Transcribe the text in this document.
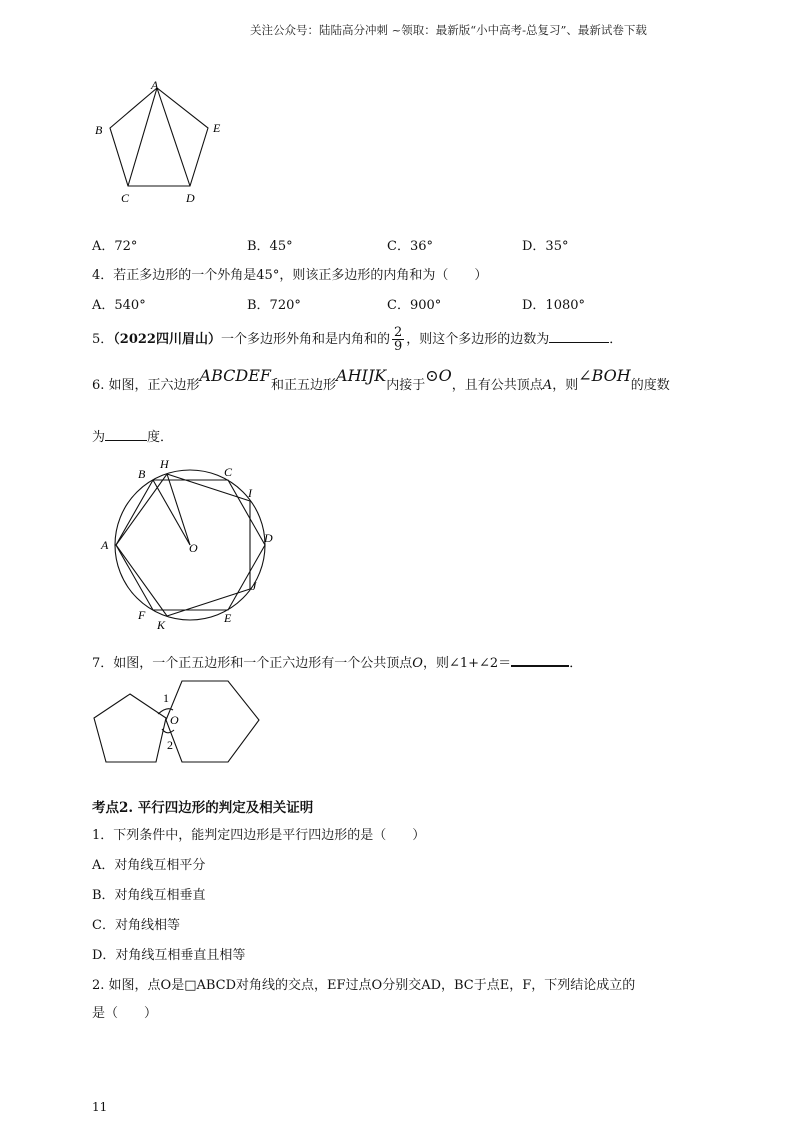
关注公众号：陆陆高分冲刺 ~领取：最新版“小中高考-总复习”、最新试卷下载
A
B	E
C	D
A．72°	B．45°	C．36°	D．35°
4．若正多边形的一个外角是45°，则该正多边形的内角和为（　　）
A．540°	B．720°	C．900°	D．1080°
5．（2022四川眉山）一个多边形外角和是内角和的 $\frac{2}{9}$ ，则这个多边形的边数为	．
6. 如图，正六边形ABCDEF和正五边形AHIJK内接于⊙O，且有公共顶点A，则∠BOH的度数
为	度．
B
H
C
I
A	O
D
J
F
K	E
7．如图，一个正五边形和一个正六边形有一个公共顶点O，则∠1+∠2＝	．
1
O
2
考点2. 平行四边形的判定及相关证明
1．下列条件中，能判定四边形是平行四边形的是（　　）
A．对角线互相平分
B．对角线互相垂直
C．对角线相等
D．对角线互相垂直且相等
2. 如图，点O是□ABCD对角线的交点，EF过点O分别交AD，BC于点E，F，下列结论成立的
是（　　）
11
